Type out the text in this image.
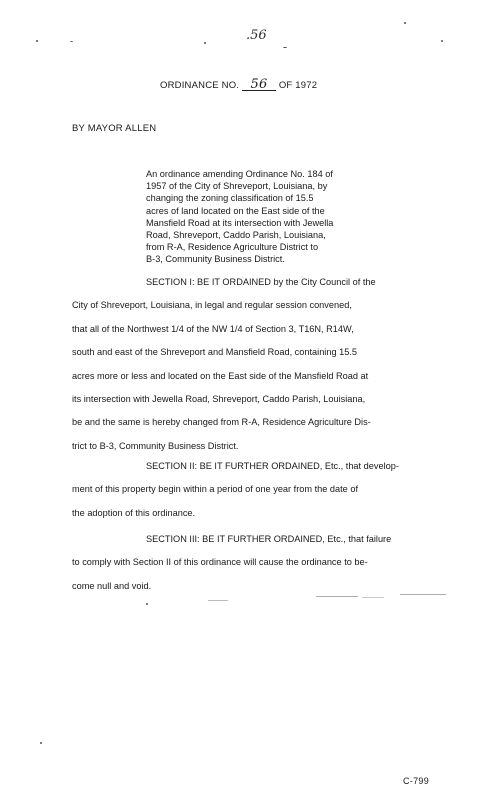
.56
ORDINANCE NO. 56 OF 1972
BY MAYOR ALLEN
An ordinance amending Ordinance No. 184 of
1957 of the City of Shreveport, Louisiana, by
changing the zoning classification of 15.5
acres of land located on the East side of the
Mansfield Road at its intersection with Jewella
Road, Shreveport, Caddo Parish, Louisiana,
from R-A, Residence Agriculture District to
B-3, Community Business District.
SECTION I: BE IT ORDAINED by the City Council of the
City of Shreveport, Louisiana, in legal and regular session convened,
that all of the Northwest 1/4 of the NW 1/4 of Section 3, T16N, R14W,
south and east of the Shreveport and Mansfield Road, containing 15.5
acres more or less and located on the East side of the Mansfield Road at
its intersection with Jewella Road, Shreveport, Caddo Parish, Louisiana,
be and the same is hereby changed from R-A, Residence Agriculture Dis-
trict to B-3, Community Business District.
SECTION II: BE IT FURTHER ORDAINED, Etc., that develop-
ment of this property begin within a period of one year from the date of
the adoption of this ordinance.
SECTION III: BE IT FURTHER ORDAINED, Etc., that failure
to comply with Section II of this ordinance will cause the ordinance to be-
come null and void.
C-799
